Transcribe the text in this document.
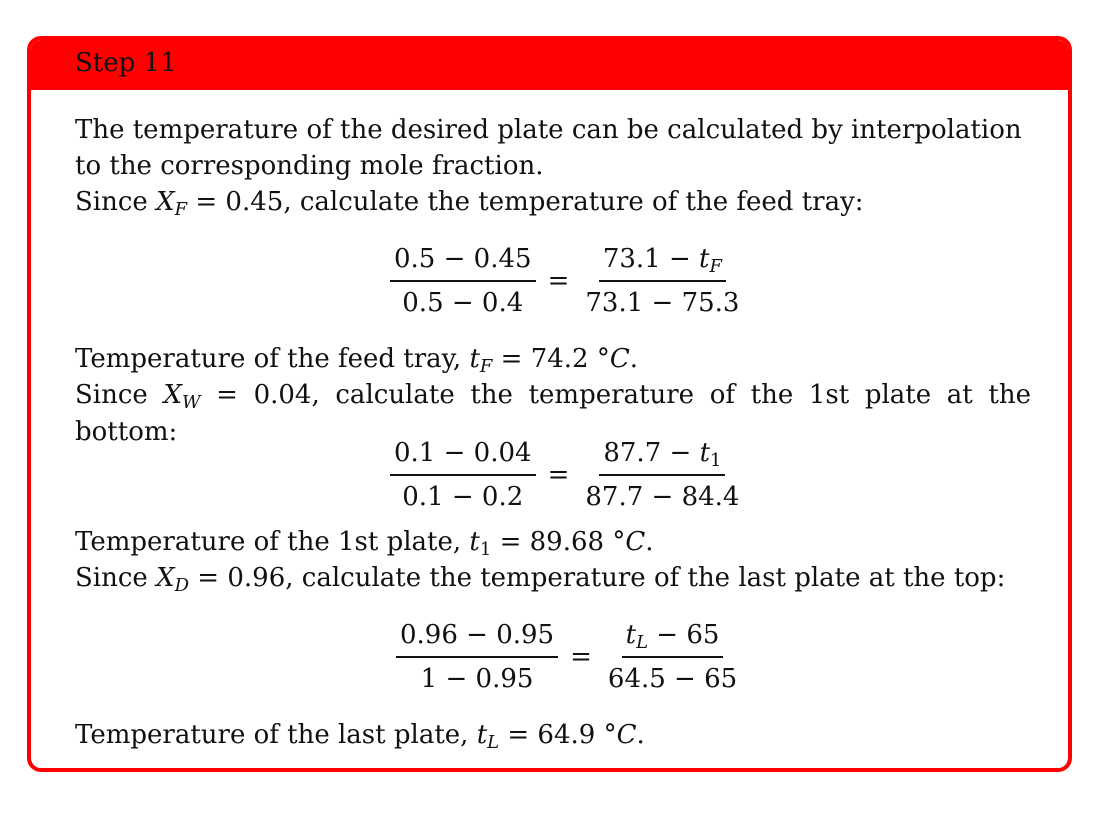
Step 11
The temperature of the desired plate can be calculated by interpolation
to the corresponding mole fraction.
Since $X_F = 0.45$, calculate the temperature of the feed tray:
$\frac{0.5 - 0.45}{0.5 - 0.4} = \frac{73.1 - t_F}{73.1 - 75.3}$
Temperature of the feed tray, $t_F = 74.2$ °C.
Since $X_W = 0.04$, calculate the temperature of the 1st plate at the
bottom:
$\frac{0.1 - 0.04}{0.1 - 0.2} = \frac{87.7 - t_1}{87.7 - 84.4}$
Temperature of the 1st plate, $t_1 = 89.68$ °C.
Since $X_D = 0.96$, calculate the temperature of the last plate at the top:
$\frac{0.96 - 0.95}{1 - 0.95} = \frac{t_L - 65}{64.5 - 65}$
Temperature of the last plate, $t_L = 64.9$ °C.
